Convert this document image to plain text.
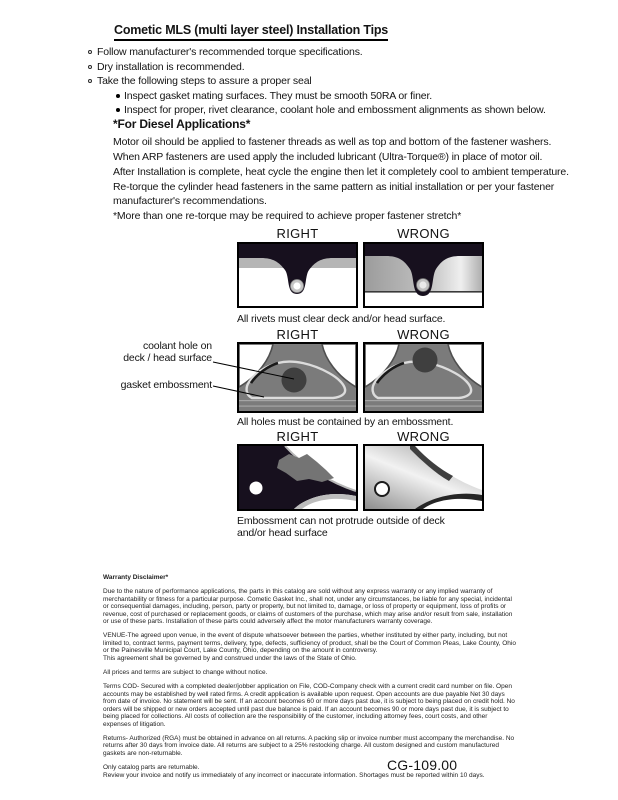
Cometic MLS (multi layer steel) Installation Tips
Follow manufacturer's recommended torque specifications.
Dry installation is recommended.
Take the following steps to assure a proper seal
Inspect gasket mating surfaces. They must be smooth 50RA or finer.
Inspect for proper, rivet clearance, coolant hole and embossment alignments as shown below.
*For Diesel Applications*
Motor oil should be applied to fastener threads as well as top and bottom of the fastener washers. When ARP fasteners are used apply the included lubricant (Ultra-Torque®) in place of motor oil.
After Installation is complete, heat cycle the engine then let it completely cool to ambient temperature. Re-torque the cylinder head fasteners in the same pattern as initial installation or per your fastener manufacturer's recommendations.
*More than one re-torque may be required to achieve proper fastener stretch*
RIGHT	WRONG
All rivets must clear deck and/or head surface.
RIGHT	WRONG
coolant hole on
deck / head surface
gasket embossment
All holes must be contained by an embossment.
RIGHT	WRONG
Embossment can not protrude outside of deck
and/or head surface
Warranty Disclaimer*

Due to the nature of performance applications, the parts in this catalog are sold without any express warranty or any implied warranty of merchantability or fitness for a particular purpose. Cometic Gasket Inc., shall not, under any circumstances, be liable for any special, incidental or consequential damages, including, person, party or property, but not limited to, damage, or loss of property or equipment, loss of profits or revenue, cost of purchased or replacement goods, or claims of customers of the purchase, which may arise and/or result from sale, installation or use of these parts. Installation of these parts could adversely affect the motor manufacturers warranty coverage.

VENUE-The agreed upon venue, in the event of dispute whatsoever between the parties, whether instituted by either party, including, but not limited to, contract terms, payment terms, delivery, type, defects, sufficiency of product, shall be the Court of Common Pleas, Lake County, Ohio or the Painesville Municipal Court, Lake County, Ohio, depending on the amount in controversy.

This agreement shall be governed by and construed under the laws of the State of Ohio.

All prices and terms are subject to change without notice.

Terms COD- Secured with a completed dealer/jobber application on File, COD-Company check with a current credit card number on file. Open accounts may be established by well rated firms. A credit application is available upon request. Open accounts are due payable Net 30 days from date of invoice. No statement will be sent. If an account becomes 60 or more days past due, it is subject to being placed on credit hold. No orders will be shipped or new orders accepted until past due balance is paid. If an account becomes 90 or more days past due, it is subject to being placed for collections. All costs of collection are the responsibility of the customer, including attorney fees, court costs, and other expenses of litigation.

Returns- Authorized (RGA) must be obtained in advance on all returns. A packing slip or invoice number must accompany the merchandise. No returns after 30 days from invoice date. All returns are subject to a 25% restocking charge. All custom designed and custom manufactured gaskets are non-returnable.

Only catalog parts are returnable.

Review your invoice and notify us immediately of any incorrect or inaccurate information. Shortages must be reported within 10 days.

CG-109.00
